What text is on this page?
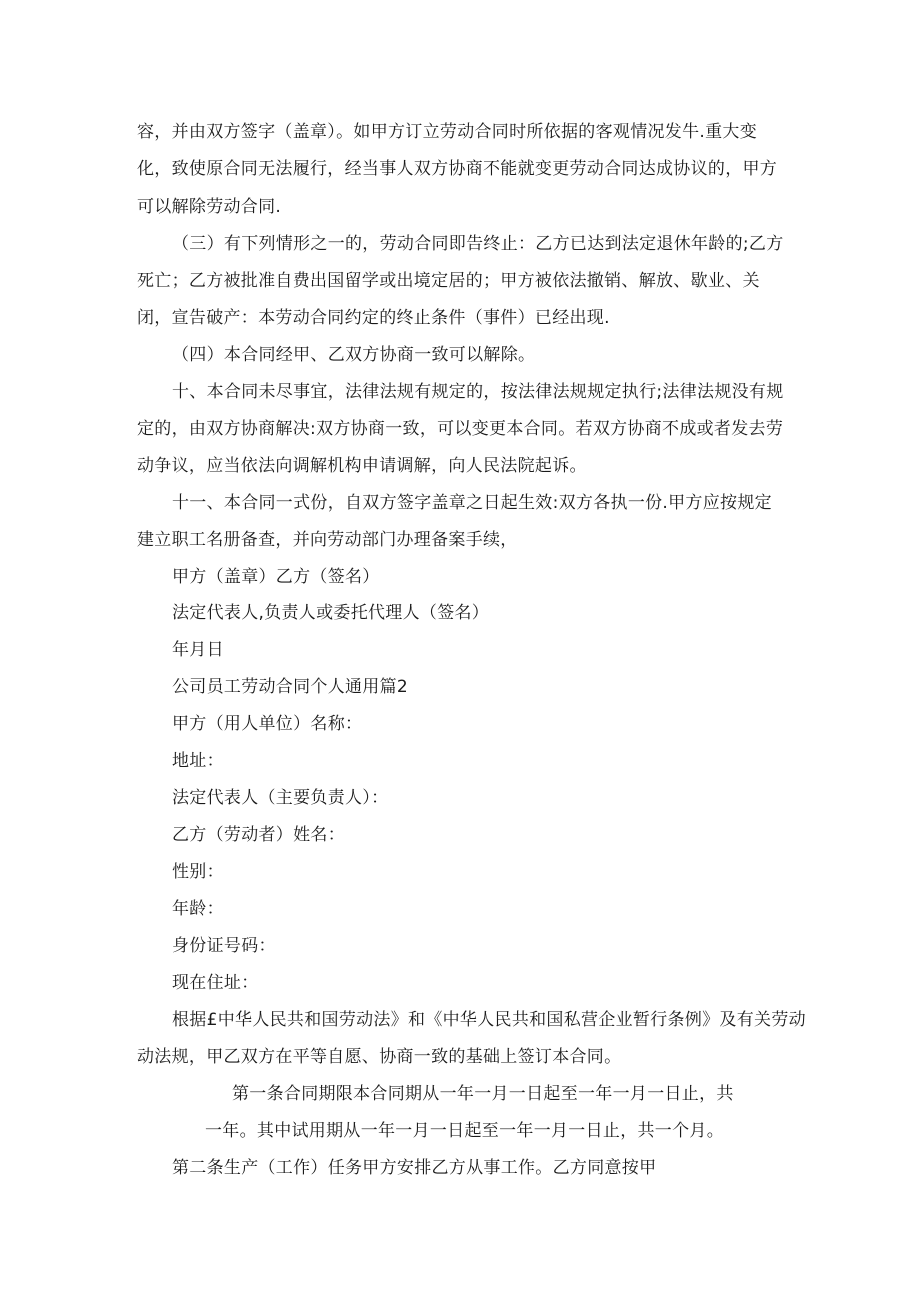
容，并由双方签字（盖章）。如甲方订立劳动合同时所依据的客观情况发牛.重大变
化，致使原合同无法履行，经当事人双方协商不能就变更劳动合同达成协议的，甲方
可以解除劳动合同.
（三）有下列情形之一的，劳动合同即告终止：乙方已达到法定退休年龄的;乙方
死亡；乙方被批准自费出国留学或出境定居的；甲方被依法撤销、解放、歇业、关
闭，宣告破产：本劳动合同约定的终止条件（事件）已经出现.
（四）本合同经甲、乙双方协商一致可以解除。
十、本合同未尽事宜，法律法规有规定的，按法律法规规定执行;法律法规没有规
定的，由双方协商解决:双方协商一致，可以变更本合同。若双方协商不成或者发去劳
动争议，应当依法向调解机构申请调解，向人民法院起诉。
十一、本合同一式份，自双方签字盖章之日起生效:双方各执一份.甲方应按规定
建立职工名册备查，并向劳动部门办理备案手续，
甲方（盖章）乙方（签名）
法定代表人,负责人或委托代理人（签名）
年月日
公司员工劳动合同个人通用篇2
甲方（用人单位）名称：
地址：
法定代表人（主要负责人）：
乙方（劳动者）姓名：
性别：
年龄：
身份证号码：
现在住址：
根据£中华人民共和国劳动法》和《中华人民共和国私营企业暂行条例》及有关劳动
动法规，甲乙双方在平等自愿、协商一致的基础上签订本合同。
第一条合同期限本合同期从一年一月一日起至一年一月一日止，共
一年。其中试用期从一年一月一日起至一年一月一日止，共一个月。
第二条生产（工作）任务甲方安排乙方从事工作。乙方同意按甲
